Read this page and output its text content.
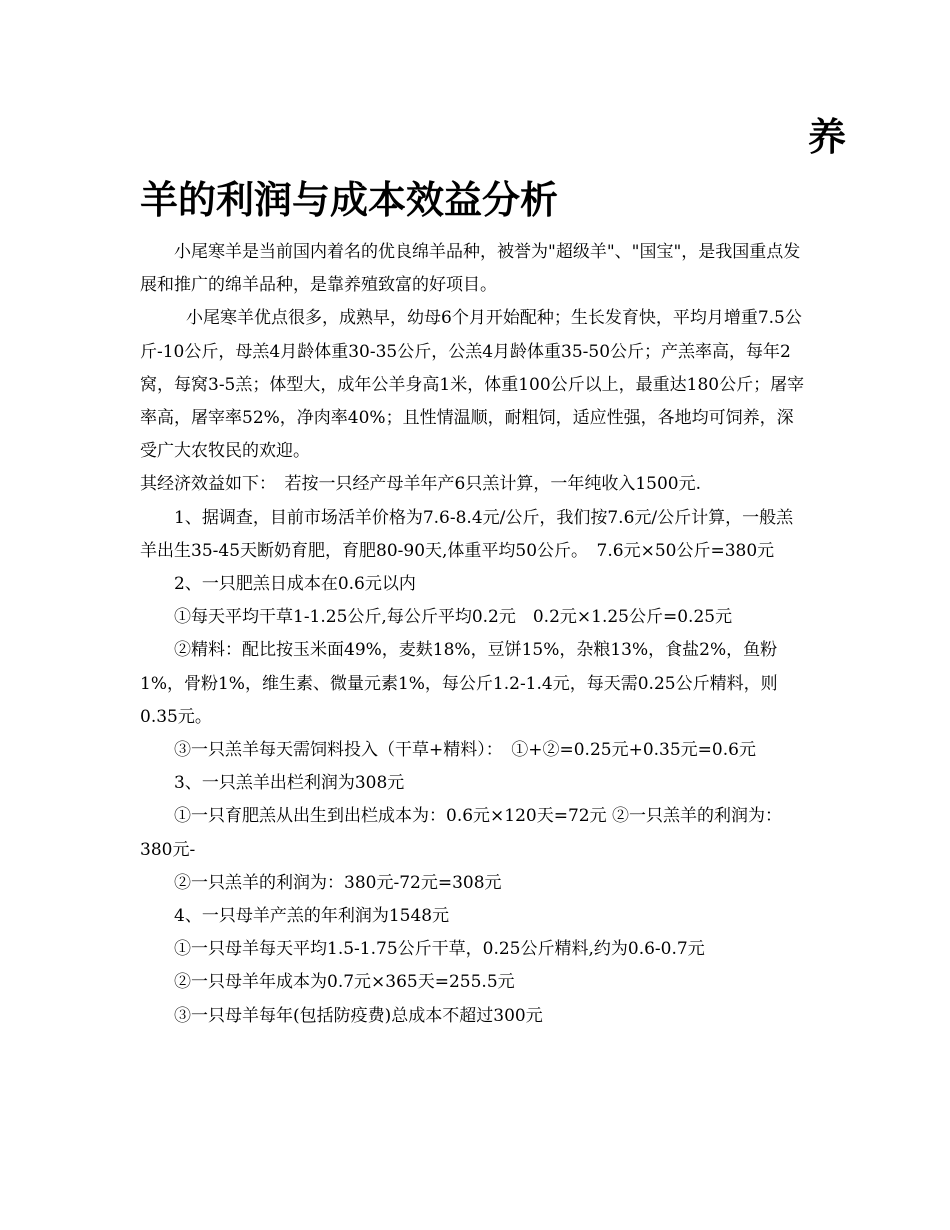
养
羊的利润与成本效益分析

小尾寒羊是当前国内着名的优良绵羊品种，被誉为"超级羊"、"国宝"，是我国重点发展和推广的绵羊品种，是靠养殖致富的好项目。

小尾寒羊优点很多，成熟早，幼母6个月开始配种；生长发育快，平均月增重7.5公斤-10公斤，母羔4月龄体重30-35公斤，公羔4月龄体重35-50公斤；产羔率高，每年2窝，每窝3-5羔；体型大，成年公羊身高1米，体重100公斤以上，最重达180公斤；屠宰率高，屠宰率52%，净肉率40%；且性情温顺，耐粗饲，适应性强，各地均可饲养，深受广大农牧民的欢迎。

其经济效益如下：　若按一只经产母羊年产6只羔计算，一年纯收入1500元.

1、据调查，目前市场活羊价格为7.6-8.4元/公斤，我们按7.6元/公斤计算，一般羔羊出生35-45天断奶育肥，育肥80-90天,体重平均50公斤。　7.6元×50公斤=380元

2、一只肥羔日成本在0.6元以内

①每天平均干草1-1.25公斤,每公斤平均0.2元　0.2元×1.25公斤=0.25元

②精料：配比按玉米面49%，麦麸18%，豆饼15%，杂粮13%，食盐2%，鱼粉1%，骨粉1%，维生素、微量元素1%，每公斤1.2-1.4元，每天需0.25公斤精料，则0.35元。

③一只羔羊每天需饲料投入（干草+精料）：　①+②=0.25元+0.35元=0.6元

3、一只羔羊出栏利润为308元

①一只育肥羔从出生到出栏成本为：0.6元×120天=72元 ②一只羔羊的利润为：380元-

②一只羔羊的利润为：380元-72元=308元

4、一只母羊产羔的年利润为1548元

①一只母羊每天平均1.5-1.75公斤干草，0.25公斤精料,约为0.6-0.7元

②一只母羊年成本为0.7元×365天=255.5元

③一只母羊每年(包括防疫费)总成本不超过300元
